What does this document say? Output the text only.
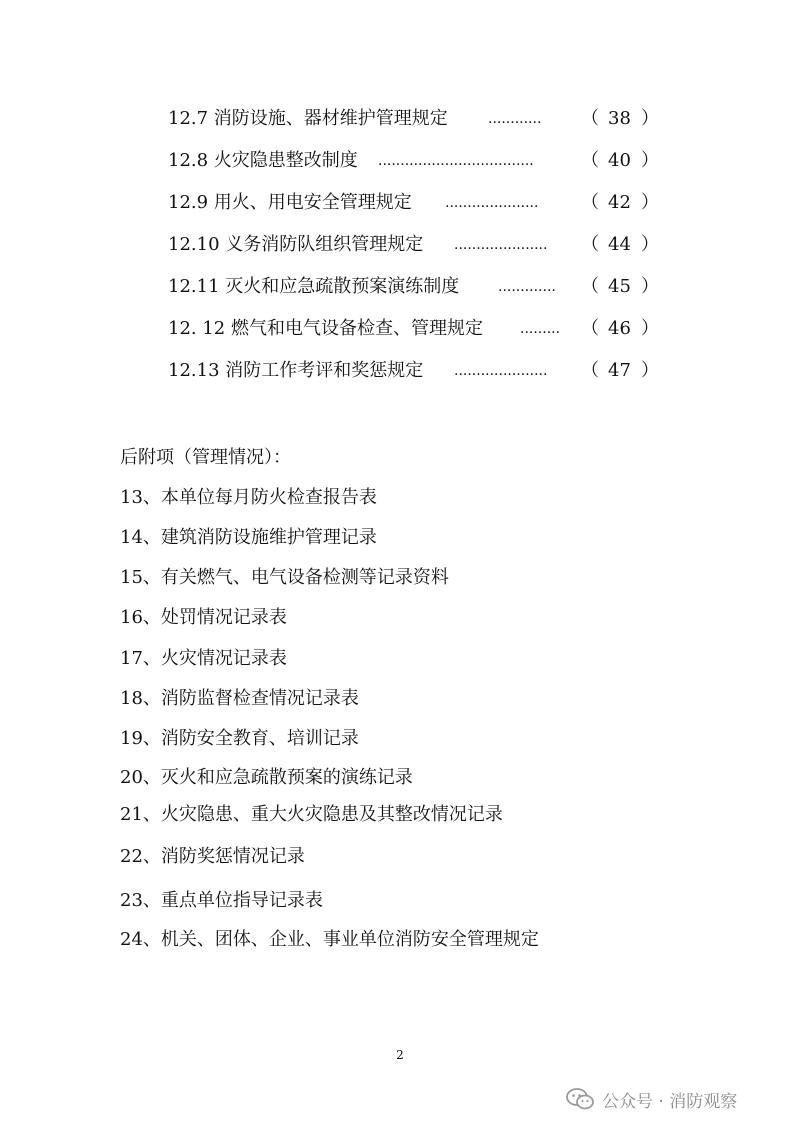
12.7 消防设施、器材维护管理规定	............ （ 38 ）
12.8 火灾隐患整改制度 ...................................	（ 40 ）
12.9 用火、用电安全管理规定 ..................... （ 42 ）
12.10 义务消防队组织管理规定 ..................... （ 44 ）
12.11 灭火和应急疏散预案演练制度	............. （ 45 ）
12. 12 燃气和电气设备检查、管理规定	......... （ 46 ）
12.13 消防工作考评和奖惩规定 ..................... （ 47 ）
后附项（管理情况）：
13、本单位每月防火检查报告表
14、建筑消防设施维护管理记录
15、有关燃气、电气设备检测等记录资料
16、处罚情况记录表
17、火灾情况记录表
18、消防监督检查情况记录表
19、消防安全教育、培训记录
20、灭火和应急疏散预案的演练记录
21、火灾隐患、重大火灾隐患及其整改情况记录
22、消防奖惩情况记录
23、重点单位指导记录表
24、机关、团体、企业、事业单位消防安全管理规定
2
公众号 · 消防观察
